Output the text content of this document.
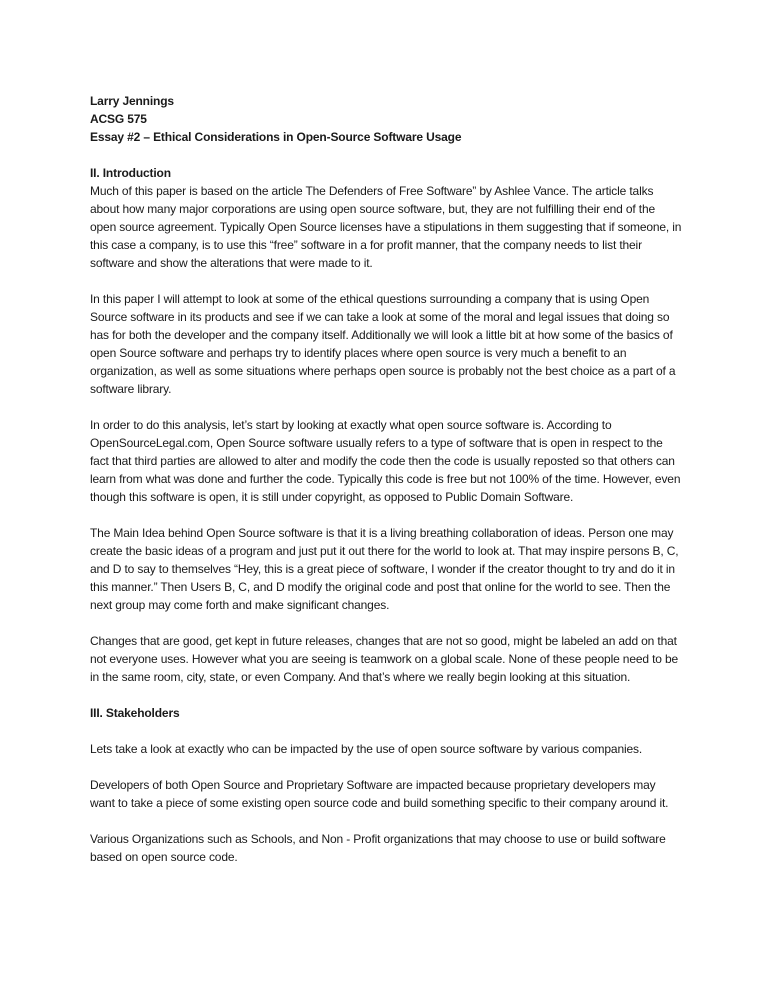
Larry Jennings

ACSG 575

Essay #2 – Ethical Considerations in Open-Source Software Usage

II. Introduction

Much of this paper is based on the article The Defenders of Free Software” by Ashlee Vance. The article talks about how many major corporations are using open source software, but, they are not fulfilling their end of the open source agreement. Typically Open Source licenses have a stipulations in them suggesting that if someone, in this case a company, is to use this “free” software in a for profit manner, that the company needs to list their software and show the alterations that were made to it.

In this paper I will attempt to look at some of the ethical questions surrounding a company that is using Open Source software in its products and see if we can take a look at some of the moral and legal issues that doing so has for both the developer and the company itself. Additionally we will look a little bit at how some of the basics of open Source software and perhaps try to identify places where open source is very much a benefit to an organization, as well as some situations where perhaps open source is probably not the best choice as a part of a software library.

In order to do this analysis, let’s start by looking at exactly what open source software is. According to OpenSourceLegal.com, Open Source software usually refers to a type of software that is open in respect to the fact that third parties are allowed to alter and modify the code then the code is usually reposted so that others can learn from what was done and further the code. Typically this code is free but not 100% of the time. However, even though this software is open, it is still under copyright, as opposed to Public Domain Software.

The Main Idea behind Open Source software is that it is a living breathing collaboration of ideas. Person one may create the basic ideas of a program and just put it out there for the world to look at. That may inspire persons B, C, and D to say to themselves “Hey, this is a great piece of software, I wonder if the creator thought to try and do it in this manner.” Then Users B, C, and D modify the original code and post that online for the world to see. Then the next group may come forth and make significant changes.

Changes that are good, get kept in future releases, changes that are not so good, might be labeled an add on that not everyone uses. However what you are seeing is teamwork on a global scale. None of these people need to be in the same room, city, state, or even Company. And that’s where we really begin looking at this situation.

III. Stakeholders

Lets take a look at exactly who can be impacted by the use of open source software by various companies.

Developers of both Open Source and Proprietary Software are impacted because proprietary developers may want to take a piece of some existing open source code and build something specific to their company around it.

Various Organizations such as Schools, and Non - Profit organizations that may choose to use or build software based on open source code.
